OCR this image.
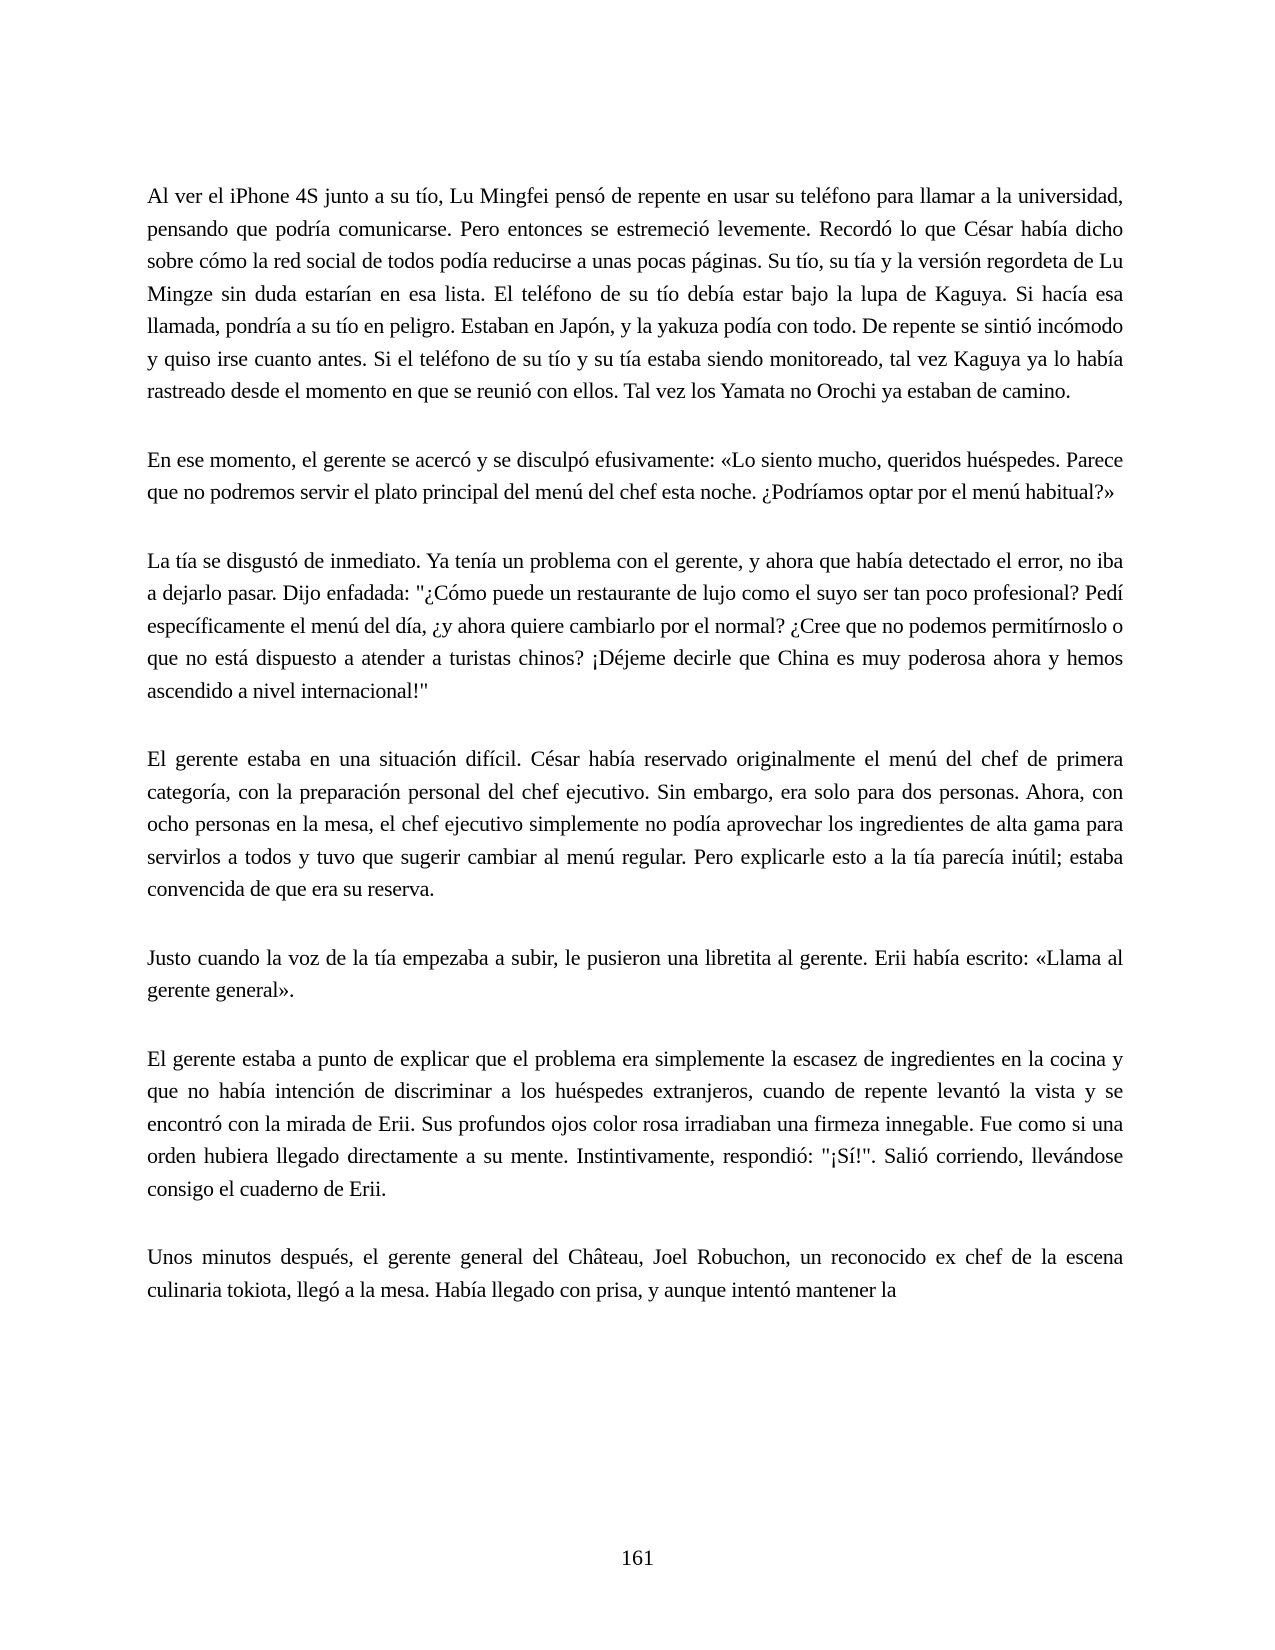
Al ver el iPhone 4S junto a su tío, Lu Mingfei pensó de repente en usar su teléfono para llamar a la universidad, pensando que podría comunicarse. Pero entonces se estremeció levemente. Recordó lo que César había dicho sobre cómo la red social de todos podía reducirse a unas pocas páginas. Su tío, su tía y la versión regordeta de Lu Mingze sin duda estarían en esa lista. El teléfono de su tío debía estar bajo la lupa de Kaguya. Si hacía esa llamada, pondría a su tío en peligro. Estaban en Japón, y la yakuza podía con todo. De repente se sintió incómodo y quiso irse cuanto antes. Si el teléfono de su tío y su tía estaba siendo monitoreado, tal vez Kaguya ya lo había rastreado desde el momento en que se reunió con ellos. Tal vez los Yamata no Orochi ya estaban de camino.

En ese momento, el gerente se acercó y se disculpó efusivamente: «Lo siento mucho, queridos huéspedes. Parece que no podremos servir el plato principal del menú del chef esta noche. ¿Podríamos optar por el menú habitual?»

La tía se disgustó de inmediato. Ya tenía un problema con el gerente, y ahora que había detectado el error, no iba a dejarlo pasar. Dijo enfadada: "¿Cómo puede un restaurante de lujo como el suyo ser tan poco profesional? Pedí específicamente el menú del día, ¿y ahora quiere cambiarlo por el normal? ¿Cree que no podemos permitírnoslo o que no está dispuesto a atender a turistas chinos? ¡Déjeme decirle que China es muy poderosa ahora y hemos ascendido a nivel internacional!"

El gerente estaba en una situación difícil. César había reservado originalmente el menú del chef de primera categoría, con la preparación personal del chef ejecutivo. Sin embargo, era solo para dos personas. Ahora, con ocho personas en la mesa, el chef ejecutivo simplemente no podía aprovechar los ingredientes de alta gama para servirlos a todos y tuvo que sugerir cambiar al menú regular. Pero explicarle esto a la tía parecía inútil; estaba convencida de que era su reserva.

Justo cuando la voz de la tía empezaba a subir, le pusieron una libretita al gerente. Erii había escrito: «Llama al gerente general».

El gerente estaba a punto de explicar que el problema era simplemente la escasez de ingredientes en la cocina y que no había intención de discriminar a los huéspedes extranjeros, cuando de repente levantó la vista y se encontró con la mirada de Erii. Sus profundos ojos color rosa irradiaban una firmeza innegable. Fue como si una orden hubiera llegado directamente a su mente. Instintivamente, respondió: "¡Sí!". Salió corriendo, llevándose consigo el cuaderno de Erii.

Unos minutos después, el gerente general del Château, Joel Robuchon, un reconocido ex chef de la escena culinaria tokiota, llegó a la mesa. Había llegado con prisa, y aunque intentó mantener la

161
